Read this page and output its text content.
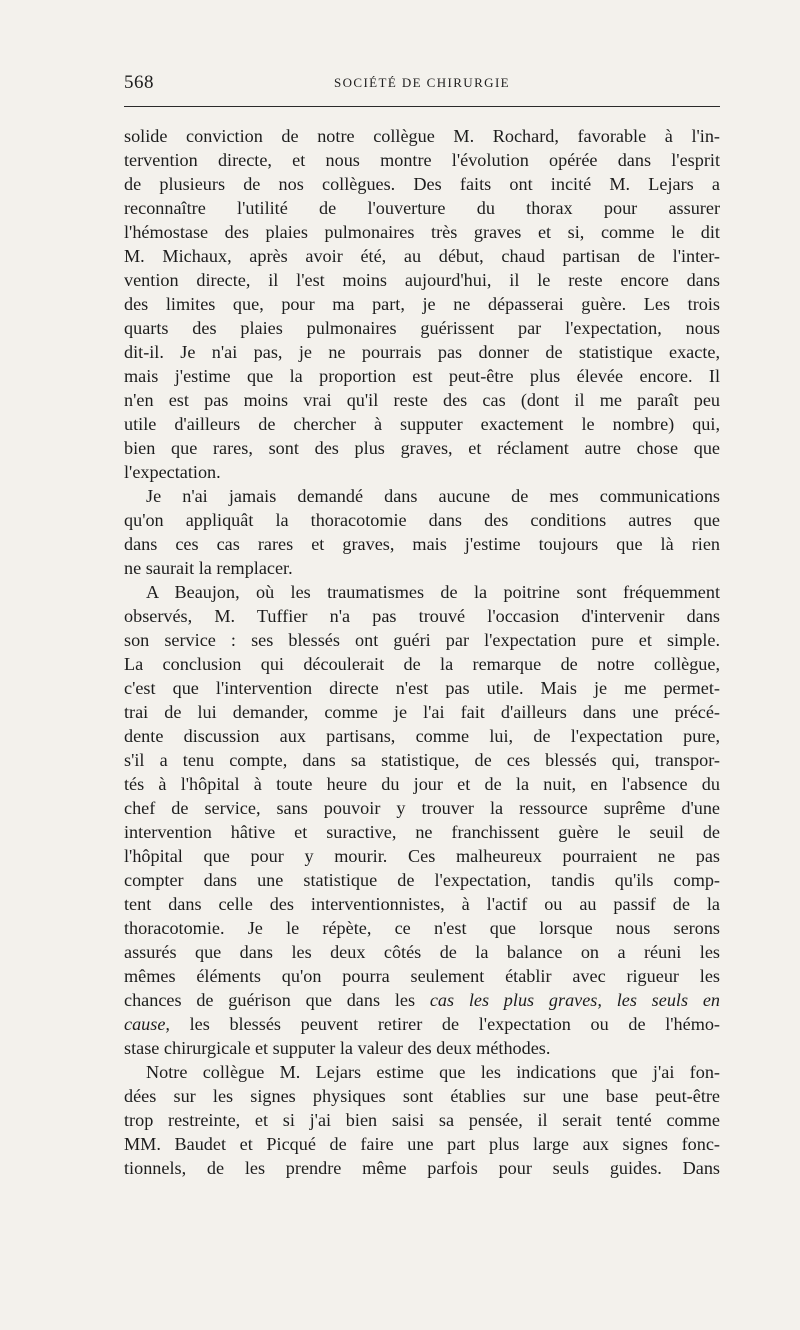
568	SOCIÉTÉ DE CHIRURGIE
solide conviction de notre collègue M. Rochard, favorable à l'in-
tervention directe, et nous montre l'évolution opérée dans l'esprit
de plusieurs de nos collègues. Des faits ont incité M. Lejars a
reconnaître l'utilité de l'ouverture du thorax pour assurer
l'hémostase des plaies pulmonaires très graves et si, comme le dit
M. Michaux, après avoir été, au début, chaud partisan de l'inter-
vention directe, il l'est moins aujourd'hui, il le reste encore dans
des limites que, pour ma part, je ne dépasserai guère. Les trois
quarts des plaies pulmonaires guérissent par l'expectation, nous
dit-il. Je n'ai pas, je ne pourrais pas donner de statistique exacte,
mais j'estime que la proportion est peut-être plus élevée encore. Il
n'en est pas moins vrai qu'il reste des cas (dont il me paraît peu
utile d'ailleurs de chercher à supputer exactement le nombre) qui,
bien que rares, sont des plus graves, et réclament autre chose que
l'expectation.
Je n'ai jamais demandé dans aucune de mes communications
qu'on appliquât la thoracotomie dans des conditions autres que
dans ces cas rares et graves, mais j'estime toujours que là rien
ne saurait la remplacer.
A Beaujon, où les traumatismes de la poitrine sont fréquemment
observés, M. Tuffier n'a pas trouvé l'occasion d'intervenir dans
son service : ses blessés ont guéri par l'expectation pure et simple.
La conclusion qui découlerait de la remarque de notre collègue,
c'est que l'intervention directe n'est pas utile. Mais je me permet-
trai de lui demander, comme je l'ai fait d'ailleurs dans une précé-
dente discussion aux partisans, comme lui, de l'expectation pure,
s'il a tenu compte, dans sa statistique, de ces blessés qui, transpor-
tés à l'hôpital à toute heure du jour et de la nuit, en l'absence du
chef de service, sans pouvoir y trouver la ressource suprême d'une
intervention hâtive et suractive, ne franchissent guère le seuil de
l'hôpital que pour y mourir. Ces malheureux pourraient ne pas
compter dans une statistique de l'expectation, tandis qu'ils comp-
tent dans celle des interventionnistes, à l'actif ou au passif de la
thoracotomie. Je le répète, ce n'est que lorsque nous serons
assurés que dans les deux côtés de la balance on a réuni les
mêmes éléments qu'on pourra seulement établir avec rigueur les
chances de guérison que dans les cas les plus graves, les seuls en
cause, les blessés peuvent retirer de l'expectation ou de l'hémo-
stase chirurgicale et supputer la valeur des deux méthodes.
Notre collègue M. Lejars estime que les indications que j'ai fon-
dées sur les signes physiques sont établies sur une base peut-être
trop restreinte, et si j'ai bien saisi sa pensée, il serait tenté comme
MM. Baudet et Picqué de faire une part plus large aux signes fonc-
tionnels, de les prendre même parfois pour seuls guides. Dans
